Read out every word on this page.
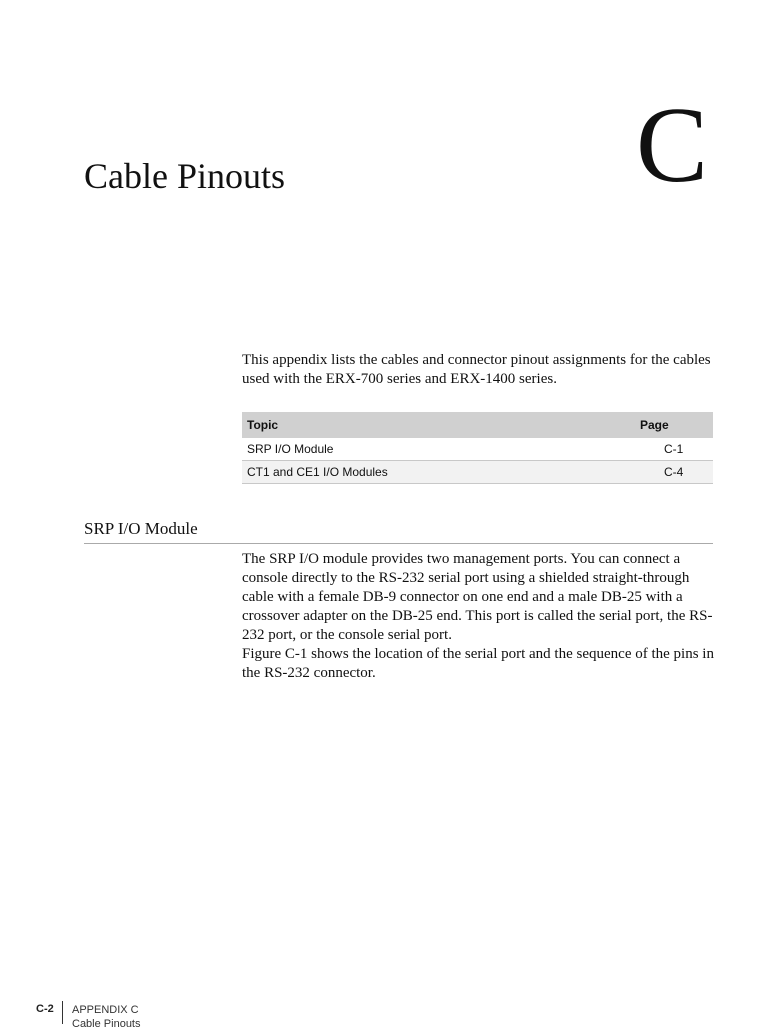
C
Cable Pinouts

This appendix lists the cables and connector pinout assignments for the cables used with the ERX-700 series and ERX-1400 series.

Topic	Page
SRP I/O Module	C-1
CT1 and CE1 I/O Modules	C-4
SRP I/O Module

The SRP I/O module provides two management ports. You can connect a console directly to the RS-232 serial port using a shielded straight-through cable with a female DB-9 connector on one end and a male DB-25 with a crossover adapter on the DB-25 end. This port is called the serial port, the RS-232 port, or the console serial port.

Figure C-1 shows the location of the serial port and the sequence of the pins in the RS-232 connector.

C-2 APPENDIX C
Cable Pinouts
